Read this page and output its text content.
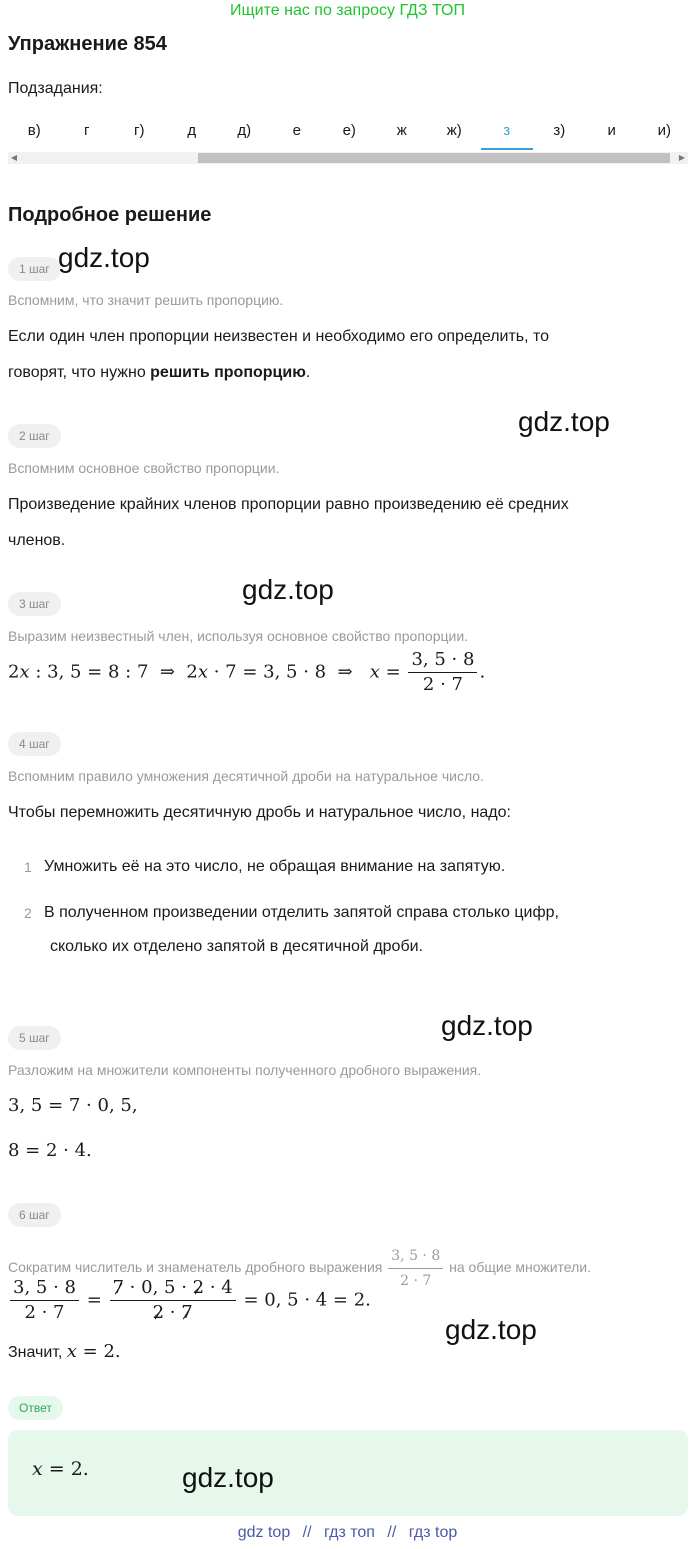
Ищите нас по запросу ГДЗ ТОП
Упражнение 854
Подзадания:
в)	г	г)	д	д)	е	е)	ж	ж)	з	з)	и	и)
◀	▶
Подробное решение
1 шаг
Вспомним, что значит решить пропорцию.
Если один член пропорции неизвестен и необходимо его определить, то
говорят, что нужно решить пропорцию.
2 шаг
Вспомним основное свойство пропорции.
Произведение крайних членов пропорции равно произведению её средних
членов.
3 шаг
Выразим неизвестный член, используя основное свойство пропорции.
2x : 3, 5 = 8 : 7  ⇒  2x · 7 = 3, 5 · 8  ⇒   $x = \frac{3, 5 \cdot 8}{2 \cdot 7}$ .
4 шаг
Вспомним правило умножения десятичной дроби на натуральное число.
Чтобы перемножить десятичную дробь и натуральное число, надо:
1 Умножить её на это число, не обращая внимание на запятую.
2 В полученном произведении отделить запятой справа столько цифр,
сколько их отделено запятой в десятичной дроби.
5 шаг
Разложим на множители компоненты полученного дробного выражения.
3, 5 = 7 · 0, 5,
8 = 2 · 4.
6 шаг
Сократим числитель и знаменатель дробного выражения $\frac{3, 5 \cdot 8}{2 \cdot 7}$ на общие множители.
$\frac{3, 5 \cdot 8}{2 \cdot 7} = \frac{7 \cdot 0, 5 \cdot 2 \cdot 4}{2 \cdot 7} = 0$, 5 · 4 = 2.
Значит, x = 2.
Ответ
x = 2.
gdz.top
gdz.top
gdz.top
gdz.top
gdz.top
gdz.top
gdz top // гдз топ // гдз top
